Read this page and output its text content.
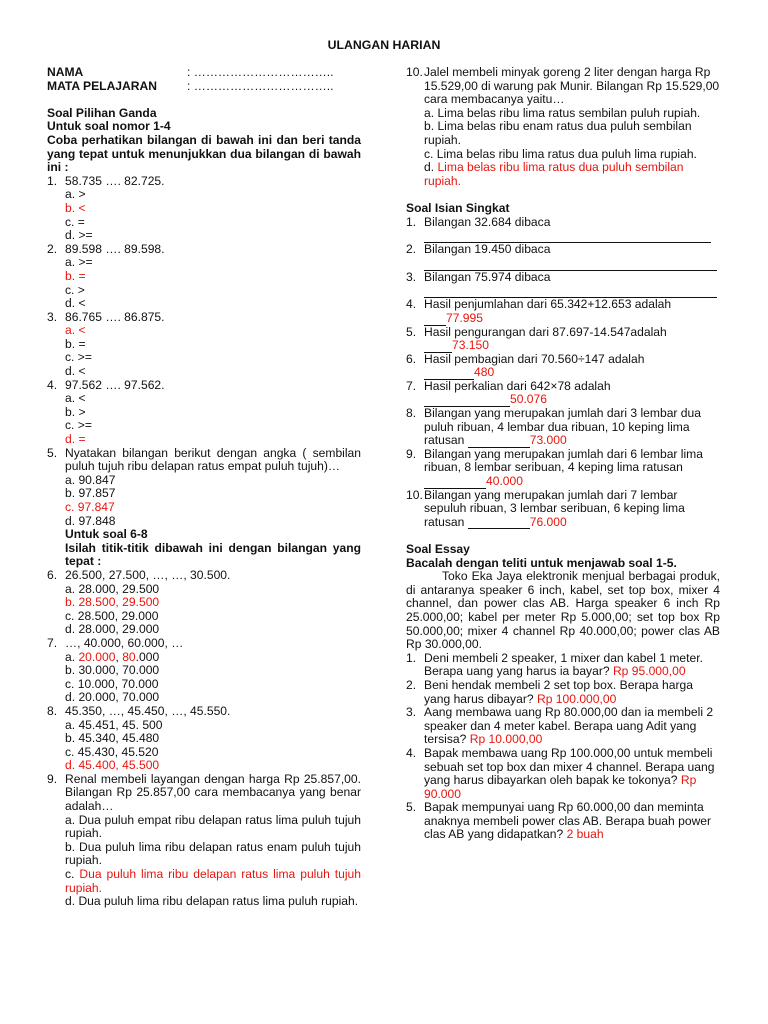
ULANGAN HARIAN
NAMA	: ……………………………..
MATA PELAJARAN	: ……………………………..
Soal Pilihan Ganda
Untuk soal nomor 1-4
Coba perhatikan bilangan di bawah ini dan beri tanda yang tepat untuk menunjukkan dua bilangan di bawah ini :
1. 58.735 …. 82.725.
a. >
b. <
c. =
d. >=
2. 89.598 …. 89.598.
a. >=
b. =
c. >
d. <
3. 86.765 …. 86.875.
a. <
b. =
c. >=
d. <
4. 97.562 …. 97.562.
a. <
b. >
c. >=
d. =
5. Nyatakan bilangan berikut dengan angka ( sembilan puluh tujuh ribu delapan ratus empat puluh tujuh)…
a. 90.847
b. 97.857
c. 97.847
d. 97.848
Untuk soal 6-8
Isilah titik-titik dibawah ini dengan bilangan yang tepat :
6. 26.500, 27.500, …, …, 30.500.
a. 28.000, 29.500
b. 28.500, 29.500
c. 28.500, 29.000
d. 28.000, 29.000
7. …, 40.000, 60.000, …
a. 20.000, 80.000
b. 30.000, 70.000
c. 10.000, 70.000
d. 20.000, 70.000
8. 45.350, …, 45.450, …, 45.550.
a. 45.451, 45. 500
b. 45.340, 45.480
c. 45.430, 45.520
d. 45.400, 45.500
9. Renal membeli layangan dengan harga Rp 25.857,00. Bilangan Rp 25.857,00 cara membacanya yang benar adalah…
a. Dua puluh empat ribu delapan ratus lima puluh tujuh rupiah.
b. Dua puluh lima ribu delapan ratus enam puluh tujuh rupiah.
c. Dua puluh lima ribu delapan ratus lima puluh tujuh rupiah.
d. Dua puluh lima ribu delapan ratus lima puluh rupiah.
10. Jalel membeli minyak goreng 2 liter dengan harga Rp 15.529,00 di warung pak Munir. Bilangan Rp 15.529,00 cara membacanya yaitu…
a. Lima belas ribu lima ratus sembilan puluh rupiah.
b. Lima belas ribu enam ratus dua puluh sembilan rupiah.
c. Lima belas ribu lima ratus dua puluh lima rupiah.
d. Lima belas ribu lima ratus dua puluh sembilan rupiah.
Soal Isian Singkat
1. Bilangan 32.684 dibaca
2. Bilangan 19.450 dibaca
3. Bilangan 75.974 dibaca
4. Hasil penjumlahan dari 65.342+12.653 adalah
77.995
5. Hasil pengurangan dari 87.697-14.547adalah
73.150
6. Hasil pembagian dari 70.560÷147 adalah
480
7. Hasil perkalian dari 642×78 adalah
50.076
8. Bilangan yang merupakan jumlah dari 3 lembar dua puluh ribuan, 4 lembar dua ribuan, 10 keping lima ratusan	73.000
9. Bilangan yang merupakan jumlah dari 6 lembar lima ribuan, 8 lembar seribuan, 4 keping lima ratusan 40.000
10. Bilangan yang merupakan jumlah dari 7 lembar sepuluh ribuan, 3 lembar seribuan, 6 keping lima ratusan	76.000
Soal Essay
Bacalah dengan teliti untuk menjawab soal 1-5.
Toko Eka Jaya elektronik menjual berbagai produk, di antaranya speaker 6 inch, kabel, set top box, mixer 4 channel, dan power clas AB. Harga speaker 6 inch Rp 25.000,00; kabel per meter Rp 5.000,00; set top box Rp 50.000,00; mixer 4 channel Rp 40.000,00; power clas AB Rp 30.000,00.
1. Deni membeli 2 speaker, 1 mixer dan kabel 1 meter. Berapa uang yang harus ia bayar? Rp 95.000,00
2. Beni hendak membeli 2 set top box. Berapa harga yang harus dibayar? Rp 100.000,00
3. Aang membawa uang Rp 80.000,00 dan ia membeli 2 speaker dan 4 meter kabel. Berapa uang Adit yang tersisa? Rp 10.000,00
4. Bapak membawa uang Rp 100.000,00 untuk membeli sebuah set top box dan mixer 4 channel. Berapa uang yang harus dibayarkan oleh bapak ke tokonya? Rp 90.000
5. Bapak mempunyai uang Rp 60.000,00 dan meminta anaknya membeli power clas AB. Berapa buah power clas AB yang didapatkan? 2 buah
